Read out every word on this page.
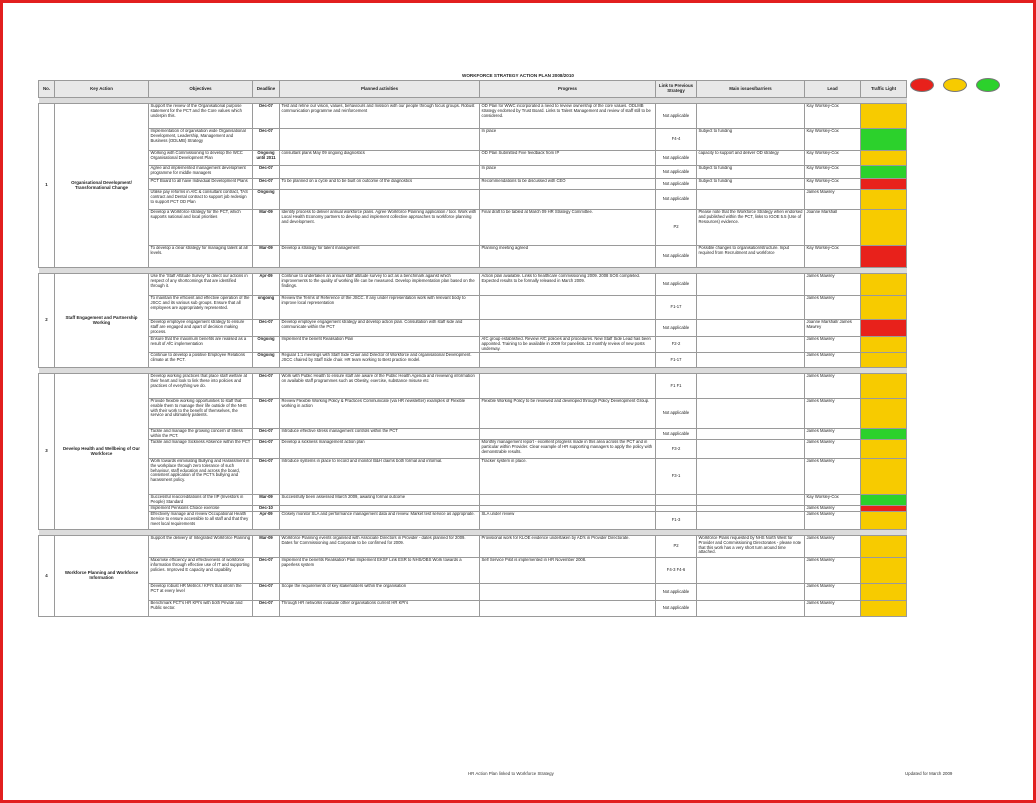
WORKFORCE STRATEGY ACTION PLAN 2008/2010
No.	Key Action	Objectives	Deadline	Planned activities	Progress	Link to Previous Strategy	Main issues/barriers	Lead	Traffic Light

1	Organisational Development/ Transformational Change	Support the review of the Organisational purpose statement for the PCT and the Core values which underpin this.	Dec-07	Test and refine our vision, values, behaviours and mission with our people through focus groups. Robust communication programme and reinforcement	OD Plan for WWC incorporated a need to review ownership of the core values. ODLMB strategy endorsed by Trust Board. Links to Talent Management and review of staff still to be considered.	Not applicable		Kay Worsley-Cox	
		Implementation of organisation wide Organisational Development, Leadership, Management and Business (ODLMB) Strategy	Dec-07		In place	F4-4	Subject to funding	Kay Worsley-Cox	
		Working with Commissioning to develop the WCC Organisational Development Plan	Ongoing until 2011	consultant plans May 09 ongoing diagnostics	OD Plan Submitted Five feedback from IP	Not applicable	capacity to support and deliver OD strategy	Kay Worsley-Cox	
		Agree and implemented management development programme for middle managers	Dec-07		In place	Not applicable	Subject to funding	Kay Worsley-Cox	
		PCT Board to all have Individual Development Plans	Dec-07	To be planned on a cycle and to be built on outcome of the diagnostics	Recommendations to be discussed with CEO	Not applicable	Subject to funding	Kay Worsley-Cox	
		Utilise pay reforms in AfC & consultant contract, TAS contract and Dental contract to support job redesign to support PCT OD Plan	Ongoing			Not applicable		James Mawrey	
		Develop a Workforce strategy for the PCT, which supports national and local priorities	Mar-09	Identify process to deliver annual workforce plans. Agree Workforce Planning application / tool. Work with Local Health Economy partners to develop and implement collective approaches to workforce planning and development.	Final draft to be tabled at March 09 HR Strategy Committee.	P2	Please note that the Workforce Strategy when endorsed and published within the PCT, links to IGOE 5.5 (Use of Resources) evidence.	Joanne Marshall	
		To develop a clear strategy for managing talent at all levels.	Mar-09	Develop a strategy for talent management	Planning meeting agreed	Not applicable	Possible changes to organisation/structure. Input required from Recruitment and workforce	Kay Worsley-Cox	

2	Staff Engagement and Partnership Working	Use the 'Staff Attitude Survey' to direct our actions in respect of any shortcomings that are identified through it.	Apr-09	Continue to undertaken an annual staff attitude survey to act as a benchmark against which improvements to the quality of working life can be measured. Develop implementation plan based on the findings.	Action plan available. Links to healthcare commissioning 2009. 2008 SOS completed. Expected results to be formally released in March 2009.	Not applicable		James Mawrey	
		To maintain the efficient and effective operation of the JSCC and its various sub groups. Ensure that all employees are appropriately represented.	ongoing	Review the Terms of Reference of the JSCC. If any under representation work with relevant body to improve local representation		F1-17		James Mawrey	
		Develop employee engagement strategy to ensure staff are engaged and apart of decision making process.	Dec-07	Develop employee engagement strategy and develop action plan. Consultation with staff side and communicate within the PCT		Not applicable		Joanne Marshall/ James Mawrey	
		Ensure that the maximum benefits are realised as a result of AfC implementation	Ongoing	Implement the benefit Realisation Plan	AfC group established. Review AfC policies and procedures. New Staff Side Lead has been appointed. Training to be available in 2009 for panelists. 12 monthly review of new posts underway.	F2-2		James Mawrey	
		Continue to develop a positive Employee Relations climate at the PCT.	Ongoing	Regular 1:1 meetings with Staff Side Chair and Director of Workforce and organisational Development. JSCC chaired by Staff Side chair. HR team working to Best practice model.		F1-17		James Mawrey	

3	Develop Health and Wellbeing of Our Workforce	Develop working practices that place staff welfare at their heart and look to link these into policies and practices of everything we do.	Dec-07	Work with Public Health to ensure staff are aware of the Public Health Agenda and reviewing information on available staff programmes such as Obesity, exercise, substance misuse etc		F1 F1		James Mawrey	
		Provide flexible working opportunities to staff that enable them to manage their life outside of the NHS with their work to the benefit of themselves, the service and ultimately patients.	Dec-07	Review Flexible Working Policy & Practices Communicate (via HR newsletter) examples of Flexible working in action	Flexible Working Policy to be reviewed and developed through Policy Development Group.	Not applicable		James Mawrey	
		Tackle and manage the growing concern of stress within the PCT.	Dec-07	Introduce effective stress management controls within the PCT		Not applicable		James Mawrey	
		Tackle and manage Sickness Absence within the PCT	Dec-07	Develop a sickness management action plan	Monthly management report - excellent progress made in this area across the PCT and in particular within Provider. Clear example of HR supporting managers to apply the policy with demonstrable results.	F3-2		James Mawrey	
		Work towards eliminating Bullying and Harassment in the workplace through zero tolerance of such behaviour, staff education and across the board, consistent application of the PCT's bullying and harassment policy.	Dec-07	Introduce systems in place to record and monitor B&H claims both formal and informal.	Tracker system in place.	F3-1		James Mawrey	
		Successful reaccreditations of the IIP (Investors in People) Standard	Mar-09	Successfully been assessed March 2009, awaiting formal outcome				Kay Worsley-Cox	
		Implement Pensions Choice exercise	Dec-10					James Mawrey	
		Effectively manage and review Occupational Health Service to ensure accessible to all staff and that they meet local requirements	Apr-09	Closely monitor SLA and performance management data and review. Market test service as appropriate.	SLA under review	F1-3		James Mawrey	

4	Workforce Planning and Workforce Information	Support the delivery of Integrated Workforce Planning	Mar-09	Workforce Planning events organised with Associate Directors in Provider - dates planned for 2009. Dates for Commissioning and Corporate to be confirmed for 2009.	Provisional work for KLOE evidence undertaken by AD's in Provider Directorate.	P2	Workforce Plans requested by NHS North West for Provider and Commissioning Directorates - please note that this work has a very short turn around time attached.	James Mawrey	
		Maximise efficiency and effectiveness of workforce information through effective use of IT and supporting policies. Improved E capacity and capability	Dec-07	Implement the benefits Realisation Plan Implement EKSF Link ESR to NHS/OBS Work towards a paperless system	Self Service Pilot is implemented in HR November 2008.	F4-3 F4-6		James Mawrey	
		Develop robust HR Metrics / KPI's that inform the PCT at every level	Dec-07	Scope the requirements of key stakeholders within the organisation		Not applicable		James Mawrey	
		Benchmark PCT's HR KPI's with both Private and Public sector.	Dec-07	Through HR networks evaluate other organisations current HR KPI's		Not applicable		James Mawrey	
HR Action Plan linked to Workforce Strategy	Updated for March 2009
